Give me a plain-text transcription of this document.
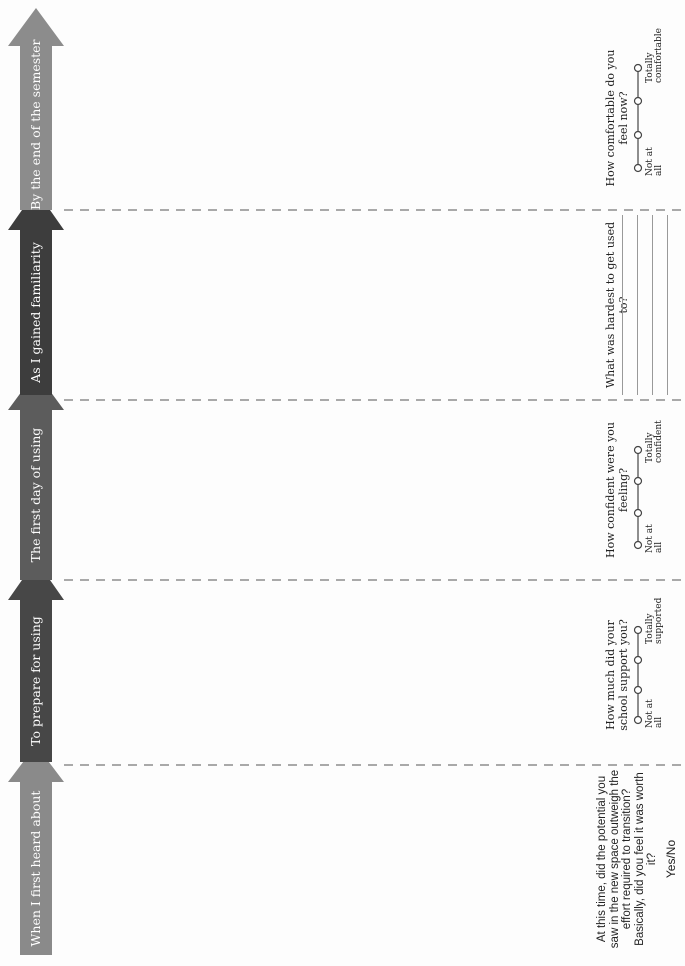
When I first heard about
To prepare for using
The first day of using
As I gained familiarity
By the end of the semester
At this time, did the potential you saw in the new space outweigh the effort required to transition? Basically, did you feel it was worth it? Yes/No
How much did your school support you? Not at all
Totally supported
How confident were you feeling?
Not at all
Totally confident
What was hardest to get used to?
How comfortable do you feel now?
Not at all
Totally comfortable
